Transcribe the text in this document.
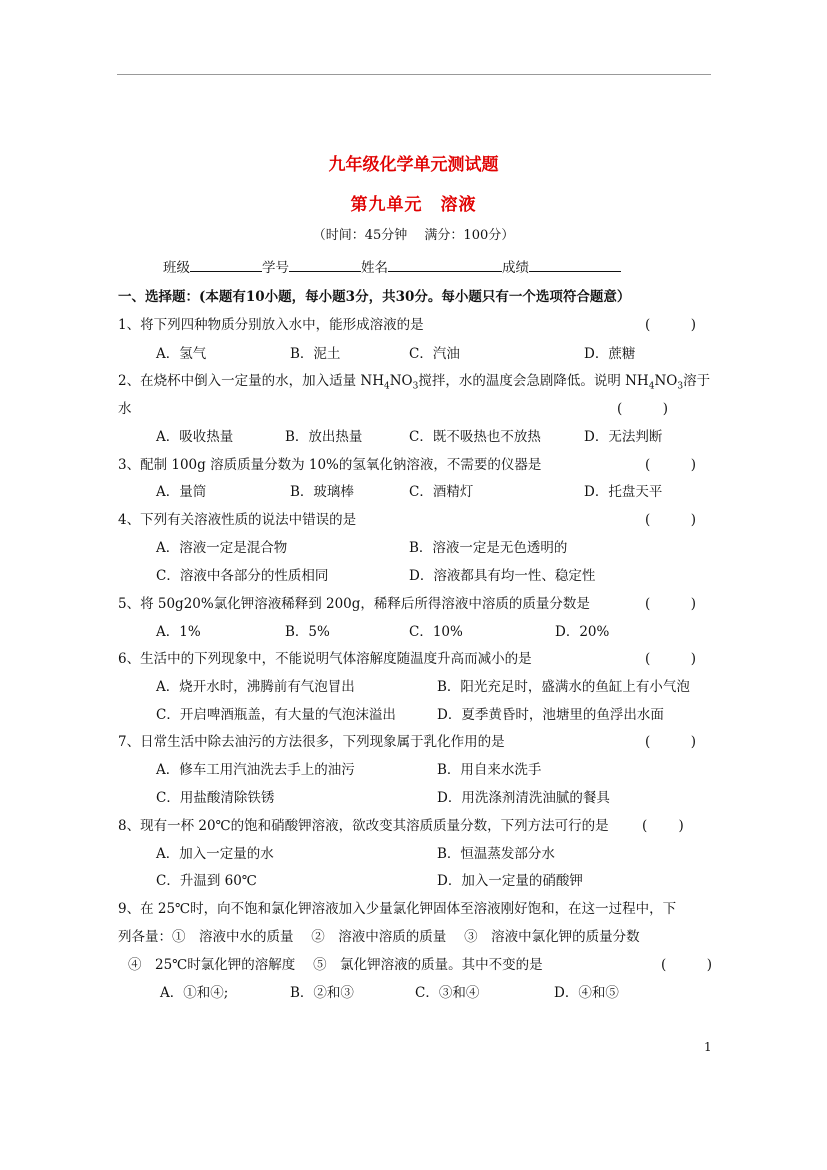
九年级化学单元测试题
第九单元　溶液
（时间：45分钟　 满分：100分）
班级	学号	姓名	成绩
一、选择题：(本题有10小题，每小题3分，共30分。每小题只有一个选项符合题意）
1、将下列四种物质分别放入水中，能形成溶液的是	(　　　)
A．氢气	B．泥土	C．汽油	D．蔗糖
2、在烧杯中倒入一定量的水，加入适量 $NH_4NO_3$搅拌，水的温度会急剧降低。说明 $NH_4NO_3$溶于
水	(　　　)
A．吸收热量	B．放出热量	C．既不吸热也不放热	D．无法判断
3、配制 100g 溶质质量分数为 10%的氢氧化钠溶液，不需要的仪器是	(　　　)
A．量筒	B．玻璃棒	C．酒精灯	D．托盘天平
4、下列有关溶液性质的说法中错误的是	(　　　)
A．溶液一定是混合物	B．溶液一定是无色透明的
C．溶液中各部分的性质相同	D．溶液都具有均一性、稳定性
5、将 50g20%氯化钾溶液稀释到 200g，稀释后所得溶液中溶质的质量分数是	(　　　)
A．1%	B．5%	C．10%	D．20%
6、生活中的下列现象中，不能说明气体溶解度随温度升高而减小的是	(　　　)
A．烧开水时，沸腾前有气泡冒出	B．阳光充足时，盛满水的鱼缸上有小气泡
C．开启啤酒瓶盖，有大量的气泡沫溢出	D．夏季黄昏时，池塘里的鱼浮出水面
7、日常生活中除去油污的方法很多，下列现象属于乳化作用的是	(　　　)
A．修车工用汽油洗去手上的油污	B．用自来水洗手
C．用盐酸清除铁锈	D．用洗涤剂清洗油腻的餐具
8、现有一杯 20℃的饱和硝酸钾溶液，欲改变其溶质质量分数，下列方法可行的是 (　　 )
A．加入一定量的水	B．恒温蒸发部分水
C．升温到 60℃	D．加入一定量的硝酸钾
9、在 25℃时，向不饱和氯化钾溶液加入少量氯化钾固体至溶液刚好饱和，在这一过程中，下
列各量：①　溶液中水的质量　 ②　溶液中溶质的质量　 ③　溶液中氯化钾的质量分数
④　25℃时氯化钾的溶解度　 ⑤　氯化钾溶液的质量。其中不变的是	(　　　)
A．①和④;	B．②和③	C．③和④	D．④和⑤
1
